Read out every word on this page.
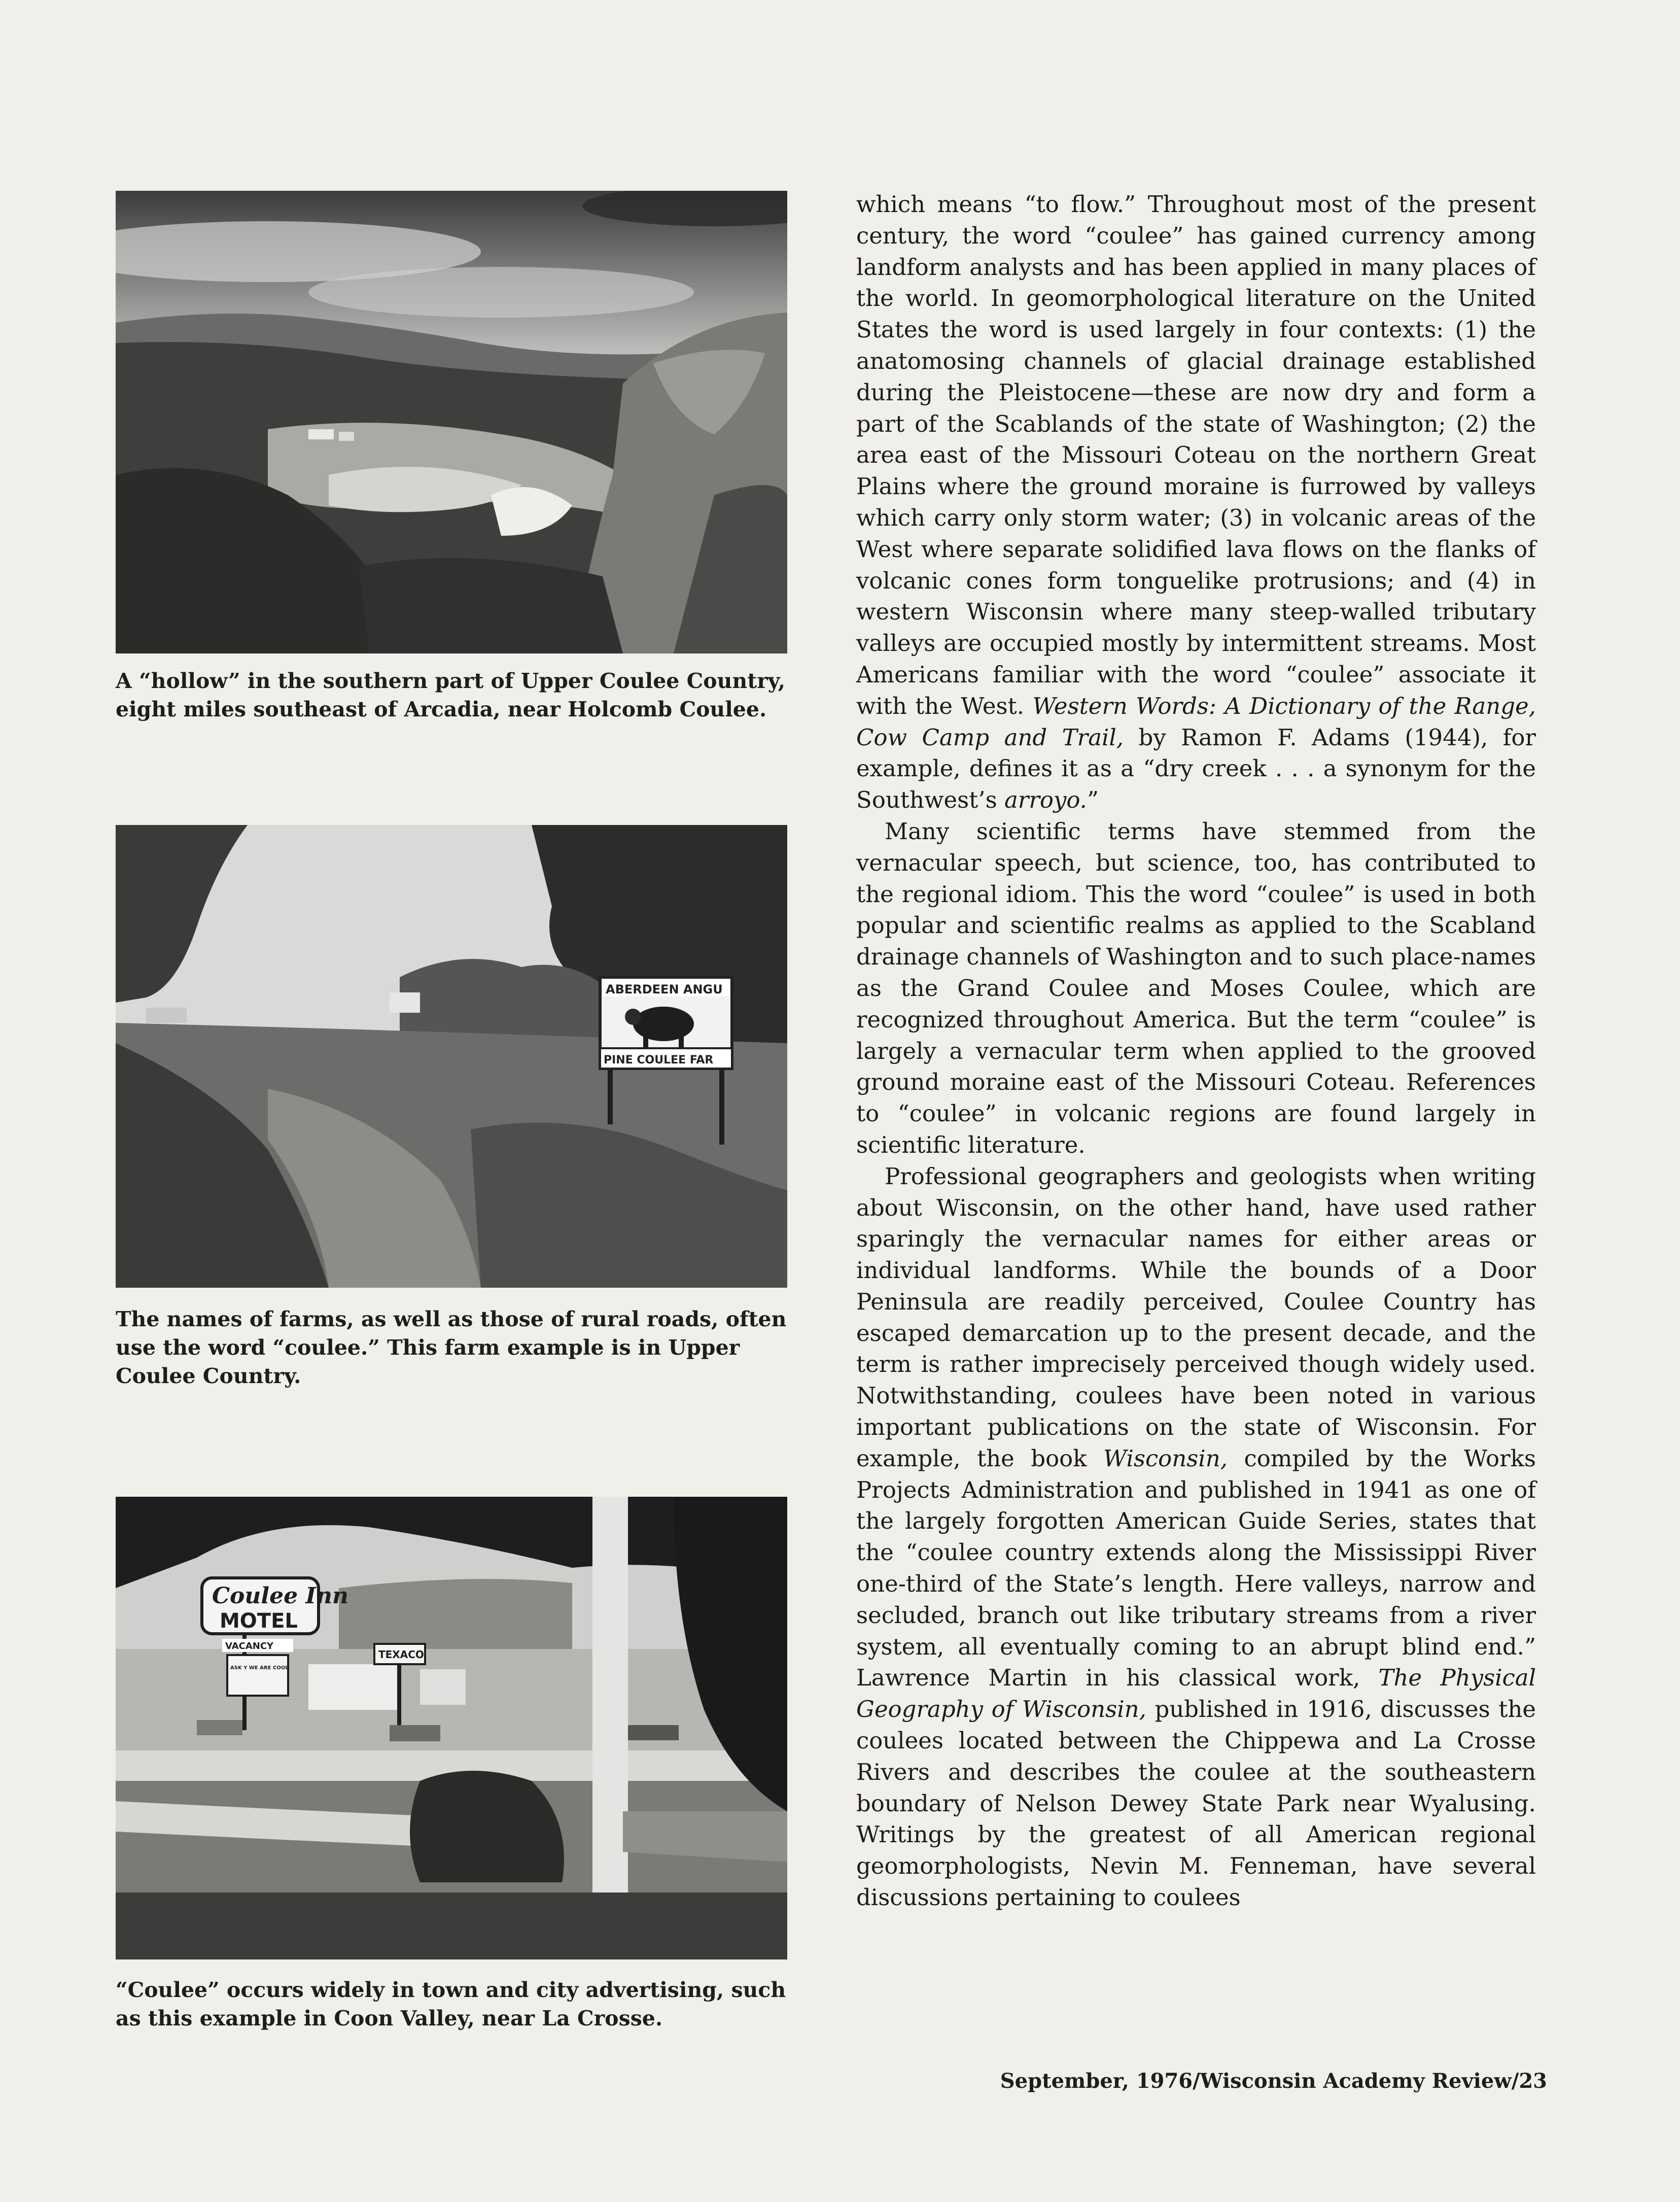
A “hollow” in the southern part of Upper Coulee Country, eight miles southeast of Arcadia, near Holcomb Coulee.

ABERDEEN ANGU
PINE COULEE FAR

The names of farms, as well as those of rural roads, often use the word “coulee.” This farm example is in Upper Coulee Country.

Coulee Inn
MOTEL
VACANCY
ASK Y WE ARE COOL
TEXACO

“Coulee” occurs widely in town and city advertising, such as this example in Coon Valley, near La Crosse.

which means “to flow.” Throughout most of the present century, the word “coulee” has gained currency among landform analysts and has been applied in many places of the world. In geomorphological literature on the United States the word is used largely in four contexts: (1) the anatomosing channels of glacial drainage established during the Pleistocene—these are now dry and form a part of the Scablands of the state of Washington; (2) the area east of the Missouri Coteau on the northern Great Plains where the ground moraine is furrowed by valleys which carry only storm water; (3) in volcanic areas of the West where separate solidified lava flows on the flanks of volcanic cones form tonguelike protrusions; and (4) in western Wisconsin where many steep-walled tributary valleys are occupied mostly by intermittent streams. Most Americans familiar with the word “coulee” associate it with the West. Western Words: A Dictionary of the Range, Cow Camp and Trail, by Ramon F. Adams (1944), for example, defines it as a “dry creek . . . a synonym for the Southwest’s arroyo.”

Many scientific terms have stemmed from the vernacular speech, but science, too, has contributed to the regional idiom. This the word “coulee” is used in both popular and scientific realms as applied to the Scabland drainage channels of Washington and to such place-names as the Grand Coulee and Moses Coulee, which are recognized throughout America. But the term “coulee” is largely a vernacular term when applied to the grooved ground moraine east of the Missouri Coteau. References to “coulee” in volcanic regions are found largely in scientific literature.

Professional geographers and geologists when writing about Wisconsin, on the other hand, have used rather sparingly the vernacular names for either areas or individual landforms. While the bounds of a Door Peninsula are readily perceived, Coulee Country has escaped demarcation up to the present decade, and the term is rather imprecisely perceived though widely used. Notwithstanding, coulees have been noted in various important publications on the state of Wisconsin. For example, the book Wisconsin, compiled by the Works Projects Administration and published in 1941 as one of the largely forgotten American Guide Series, states that the “coulee country extends along the Mississippi River one-third of the State’s length. Here valleys, narrow and secluded, branch out like tributary streams from a river system, all eventually coming to an abrupt blind end.” Lawrence Martin in his classical work, The Physical Geography of Wisconsin, published in 1916, discusses the coulees located between the Chippewa and La Crosse Rivers and describes the coulee at the southeastern boundary of Nelson Dewey State Park near Wyalusing. Writings by the greatest of all American regional geomorphologists, Nevin M. Fenneman, have several discussions pertaining to coulees

September, 1976/Wisconsin Academy Review/23
